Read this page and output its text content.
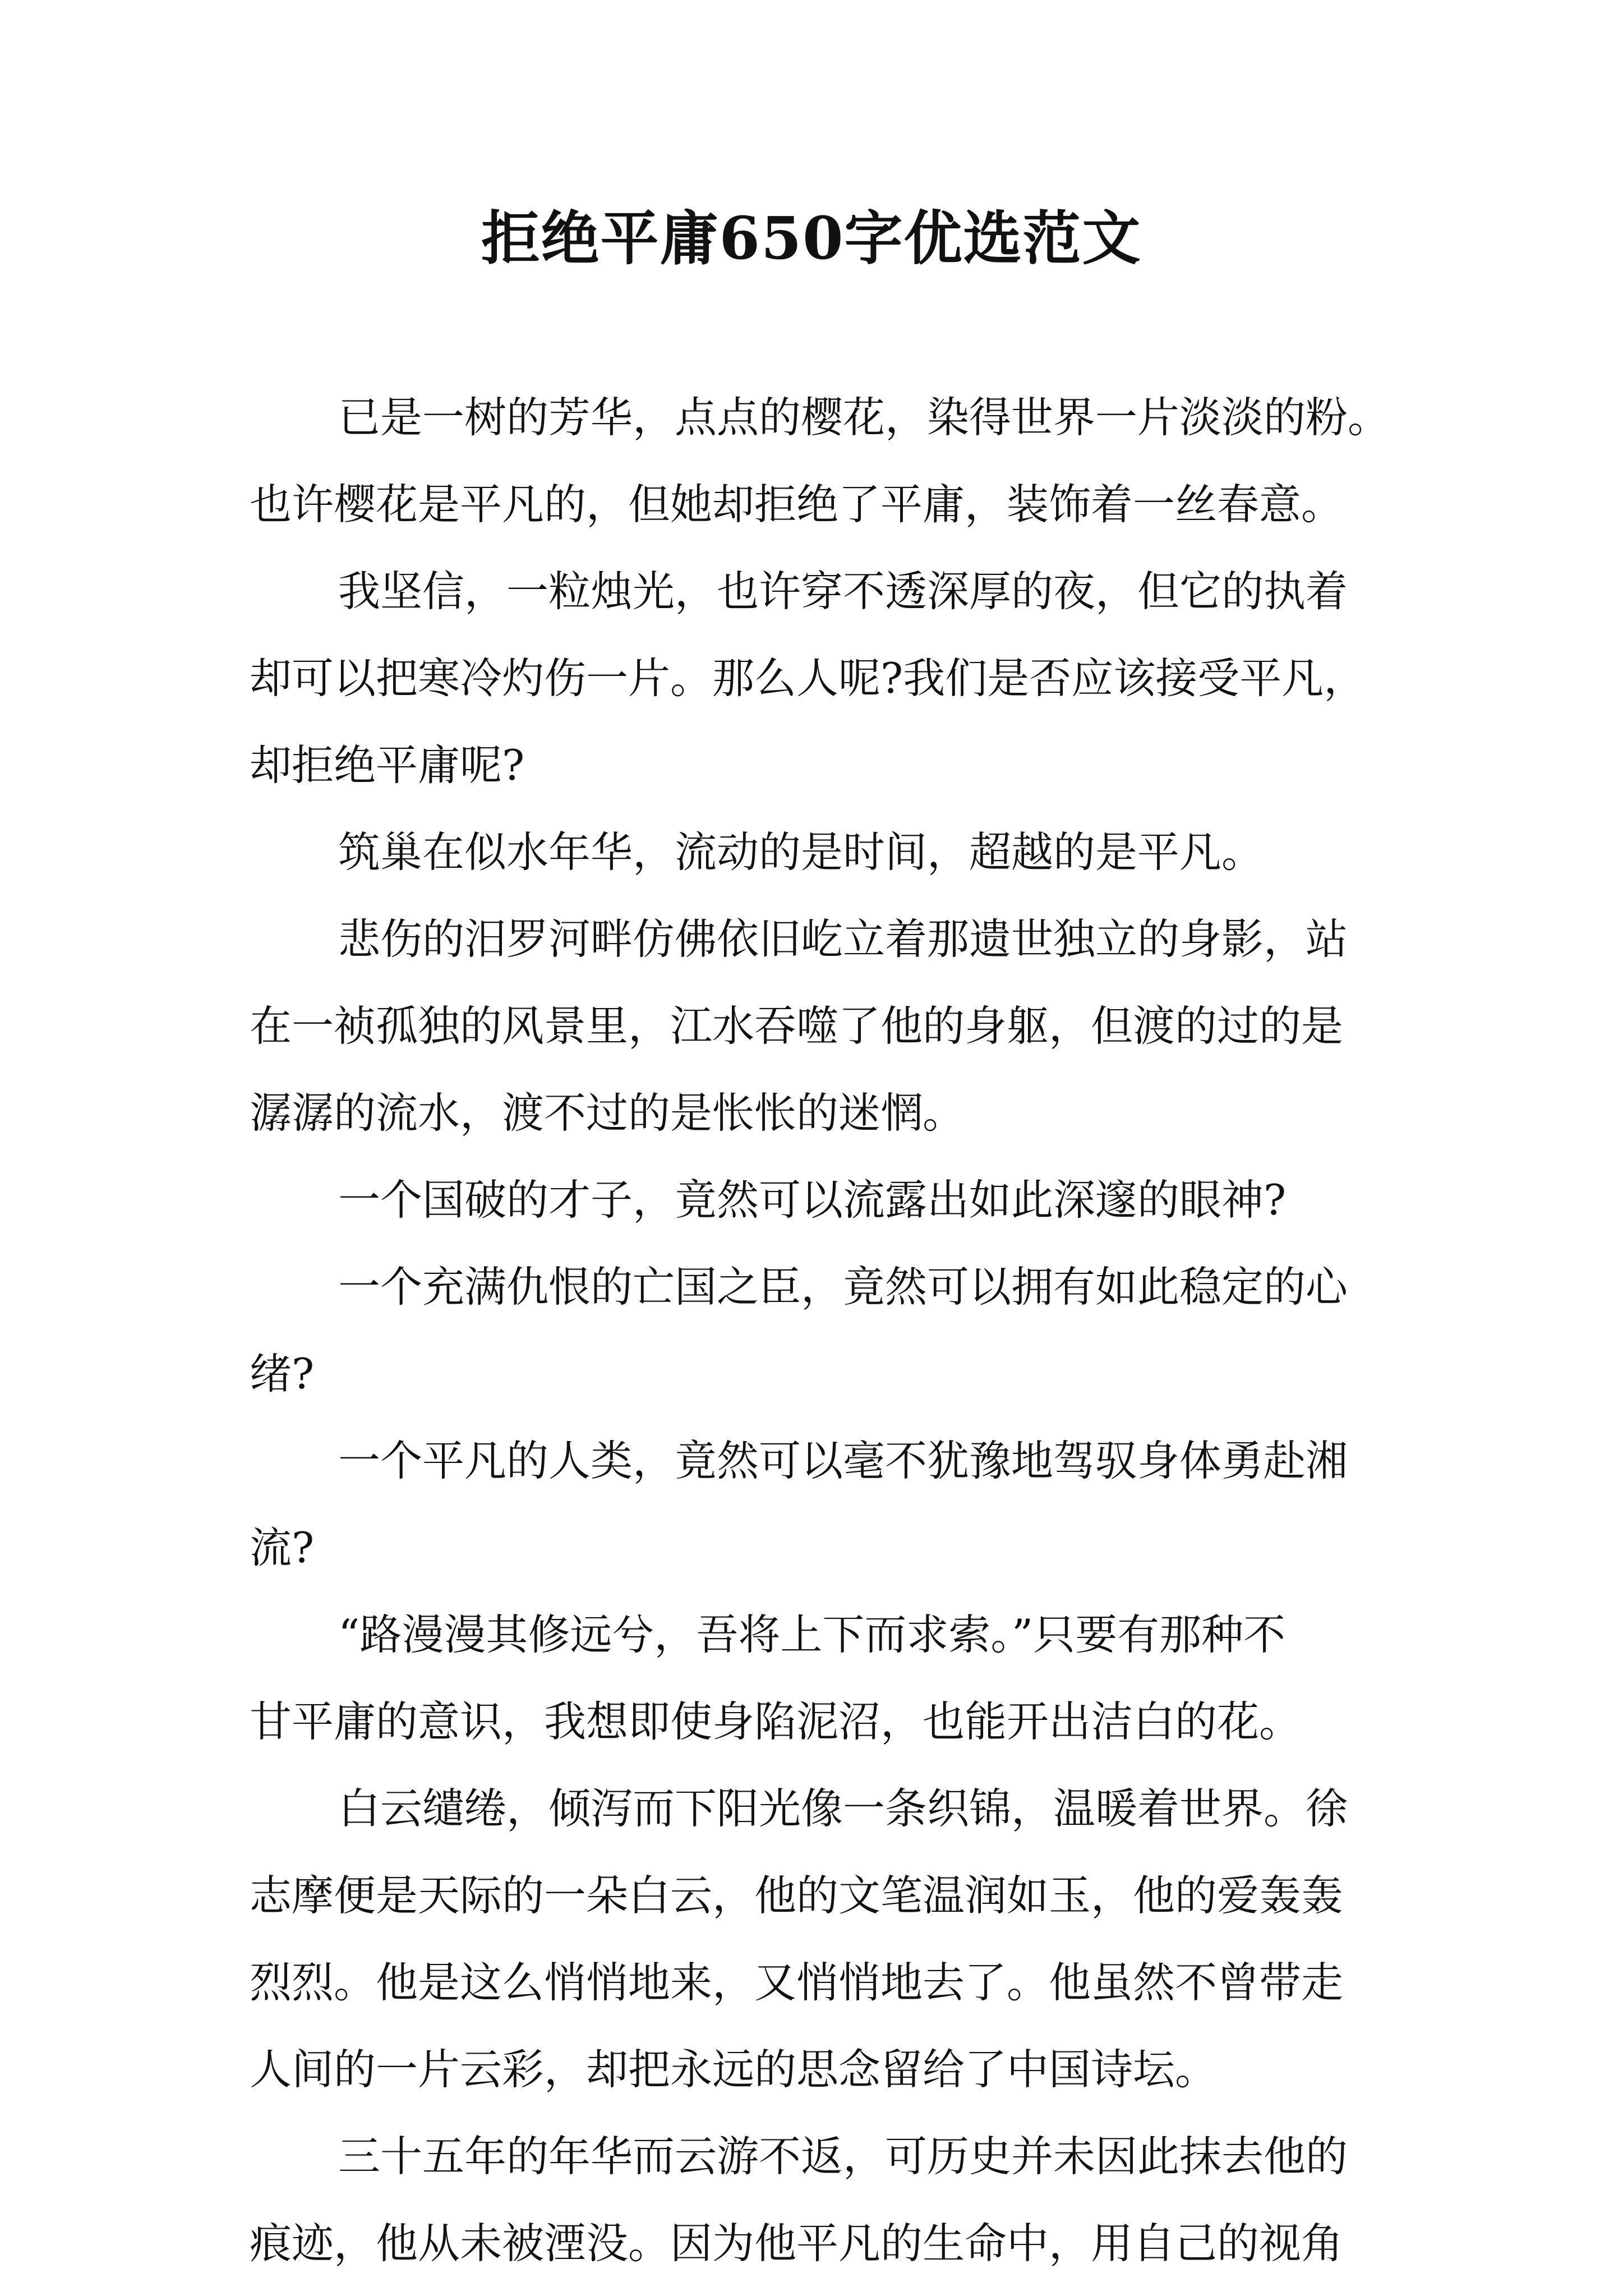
拒绝平庸650字优选范文
已是一树的芳华，点点的樱花，染得世界一片淡淡的粉。
也许樱花是平凡的，但她却拒绝了平庸，装饰着一丝春意。
我坚信，一粒烛光，也许穿不透深厚的夜，但它的执着
却可以把寒冷灼伤一片。那么人呢?我们是否应该接受平凡，
却拒绝平庸呢?
筑巢在似水年华，流动的是时间，超越的是平凡。
悲伤的汨罗河畔仿佛依旧屹立着那遗世独立的身影，站
在一祯孤独的风景里，江水吞噬了他的身躯，但渡的过的是
潺潺的流水，渡不过的是怅怅的迷惘。
一个国破的才子，竟然可以流露出如此深邃的眼神?
一个充满仇恨的亡国之臣，竟然可以拥有如此稳定的心
绪?
一个平凡的人类，竟然可以毫不犹豫地驾驭身体勇赴湘
流?
“路漫漫其修远兮，吾将上下而求索。”只要有那种不
甘平庸的意识，我想即使身陷泥沼，也能开出洁白的花。
白云缱绻，倾泻而下阳光像一条织锦，温暖着世界。徐
志摩便是天际的一朵白云，他的文笔温润如玉，他的爱轰轰
烈烈。他是这么悄悄地来，又悄悄地去了。他虽然不曾带走
人间的一片云彩，却把永远的思念留给了中国诗坛。
三十五年的年华而云游不返，可历史并未因此抹去他的
痕迹，他从未被湮没。因为他平凡的生命中，用自己的视角
